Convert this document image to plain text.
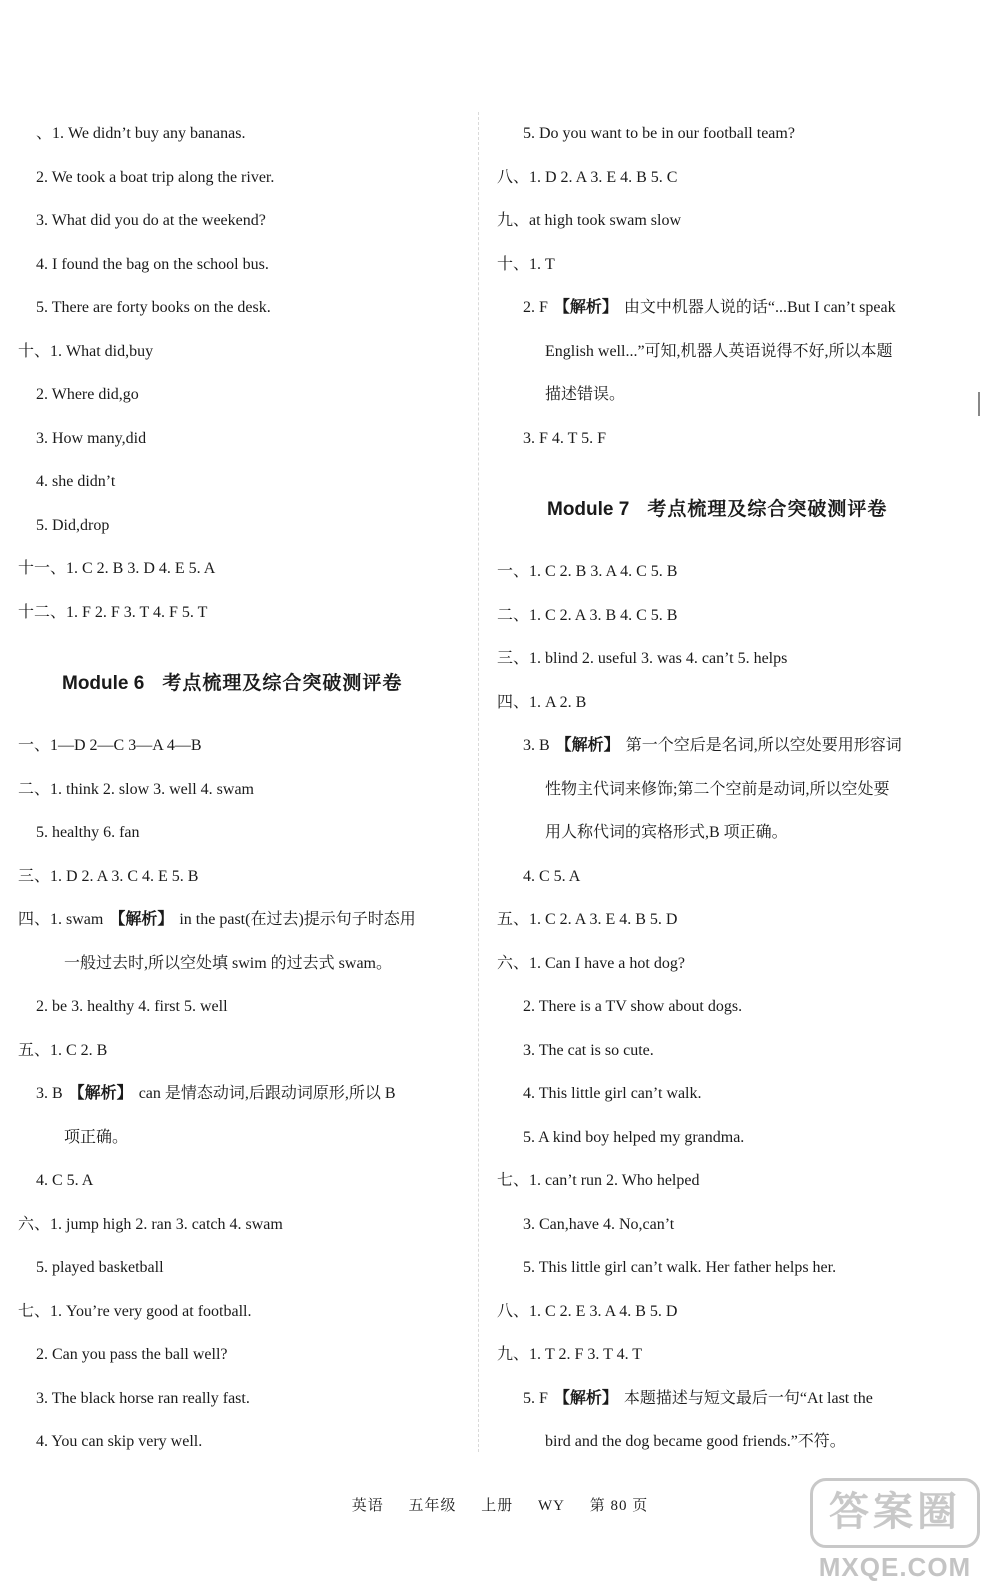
、1. We didn’t buy any bananas.
2. We took a boat trip along the river.
3. What did you do at the weekend?
4. I found the bag on the school bus.
5. There are forty books on the desk.
十、1. What did,buy
2. Where did,go
3. How many,did
4. she didn’t
5. Did,drop
十一、1. C 2. B 3. D 4. E 5. A
十二、1. F 2. F 3. T 4. F 5. T
Module 6 考点梳理及综合突破测评卷
一、1—D 2—C 3—A 4—B
二、1. think 2. slow 3. well 4. swam
5. healthy 6. fan
三、1. D 2. A 3. C 4. E 5. B
四、1. swam 【解析】 in the past(在过去)提示句子时态用
一般过去时,所以空处填 swim 的过去式 swam。
2. be 3. healthy 4. first 5. well
五、1. C 2. B
3. B 【解析】 can 是情态动词,后跟动词原形,所以 B
项正确。
4. C 5. A
六、1. jump high 2. ran 3. catch 4. swam
5. played basketball
七、1. You’re very good at football.
2. Can you pass the ball well?
3. The black horse ran really fast.
4. You can skip very well.
5. Do you want to be in our football team?
八、1. D 2. A 3. E 4. B 5. C
九、at high took swam slow
十、1. T
2. F 【解析】 由文中机器人说的话“...But I can’t speak
English well...”可知,机器人英语说得不好,所以本题
描述错误。
3. F 4. T 5. F
Module 7 考点梳理及综合突破测评卷
一、1. C 2. B 3. A 4. C 5. B
二、1. C 2. A 3. B 4. C 5. B
三、1. blind 2. useful 3. was 4. can’t 5. helps
四、1. A 2. B
3. B 【解析】 第一个空后是名词,所以空处要用形容词
性物主代词来修饰;第二个空前是动词,所以空处要
用人称代词的宾格形式,B 项正确。
4. C 5. A
五、1. C 2. A 3. E 4. B 5. D
六、1. Can I have a hot dog?
2. There is a TV show about dogs.
3. The cat is so cute.
4. This little girl can’t walk.
5. A kind boy helped my grandma.
七、1. can’t run 2. Who helped
3. Can,have 4. No,can’t
5. This little girl can’t walk. Her father helps her.
八、1. C 2. E 3. A 4. B 5. D
九、1. T 2. F 3. T 4. T
5. F 【解析】 本题描述与短文最后一句“At last the
bird and the dog became good friends.”不符。
英语 五年级 上册 WY 第 80 页	答案圈
MXQE.COM
